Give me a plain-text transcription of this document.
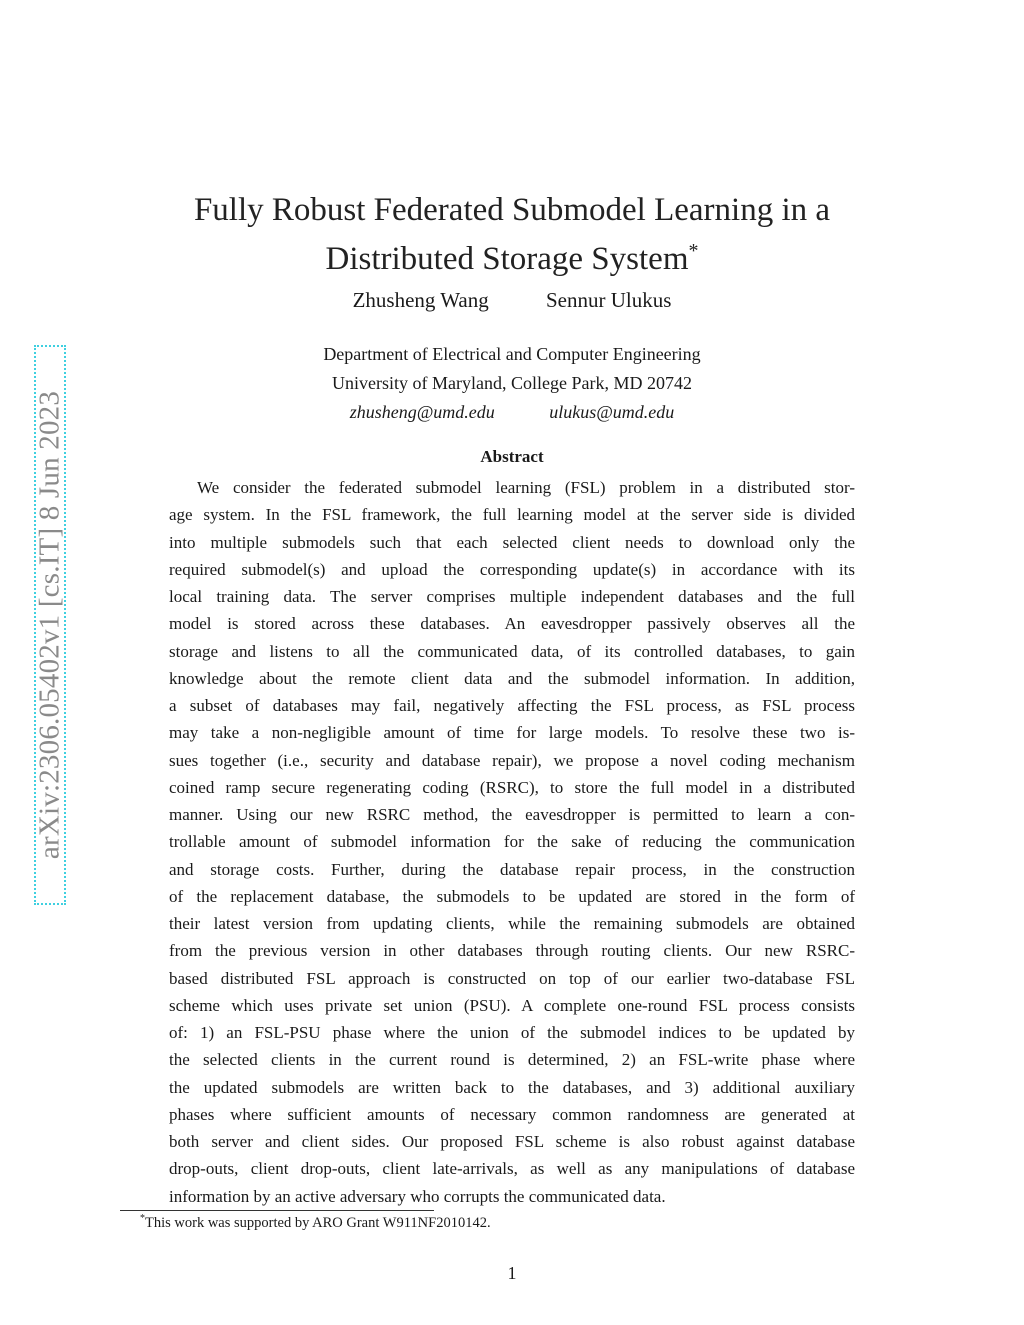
arXiv:2306.05402v1 [cs.IT] 8 Jun 2023
Fully Robust Federated Submodel Learning in a
Distributed Storage System*
Zhusheng Wang	Sennur Ulukus
Department of Electrical and Computer Engineering
University of Maryland, College Park, MD 20742
zhusheng@umd.edu	ulukus@umd.edu
Abstract
We consider the federated submodel learning (FSL) problem in a distributed stor-
age system. In the FSL framework, the full learning model at the server side is divided
into multiple submodels such that each selected client needs to download only the
required submodel(s) and upload the corresponding update(s) in accordance with its
local training data. The server comprises multiple independent databases and the full
model is stored across these databases. An eavesdropper passively observes all the
storage and listens to all the communicated data, of its controlled databases, to gain
knowledge about the remote client data and the submodel information. In addition,
a subset of databases may fail, negatively affecting the FSL process, as FSL process
may take a non-negligible amount of time for large models. To resolve these two is-
sues together (i.e., security and database repair), we propose a novel coding mechanism
coined ramp secure regenerating coding (RSRC), to store the full model in a distributed
manner. Using our new RSRC method, the eavesdropper is permitted to learn a con-
trollable amount of submodel information for the sake of reducing the communication
and storage costs. Further, during the database repair process, in the construction
of the replacement database, the submodels to be updated are stored in the form of
their latest version from updating clients, while the remaining submodels are obtained
from the previous version in other databases through routing clients. Our new RSRC-
based distributed FSL approach is constructed on top of our earlier two-database FSL
scheme which uses private set union (PSU). A complete one-round FSL process consists
of: 1) an FSL-PSU phase where the union of the submodel indices to be updated by
the selected clients in the current round is determined, 2) an FSL-write phase where
the updated submodels are written back to the databases, and 3) additional auxiliary
phases where sufficient amounts of necessary common randomness are generated at
both server and client sides. Our proposed FSL scheme is also robust against database
drop-outs, client drop-outs, client late-arrivals, as well as any manipulations of database
information by an active adversary who corrupts the communicated data.
*This work was supported by ARO Grant W911NF2010142.
1
